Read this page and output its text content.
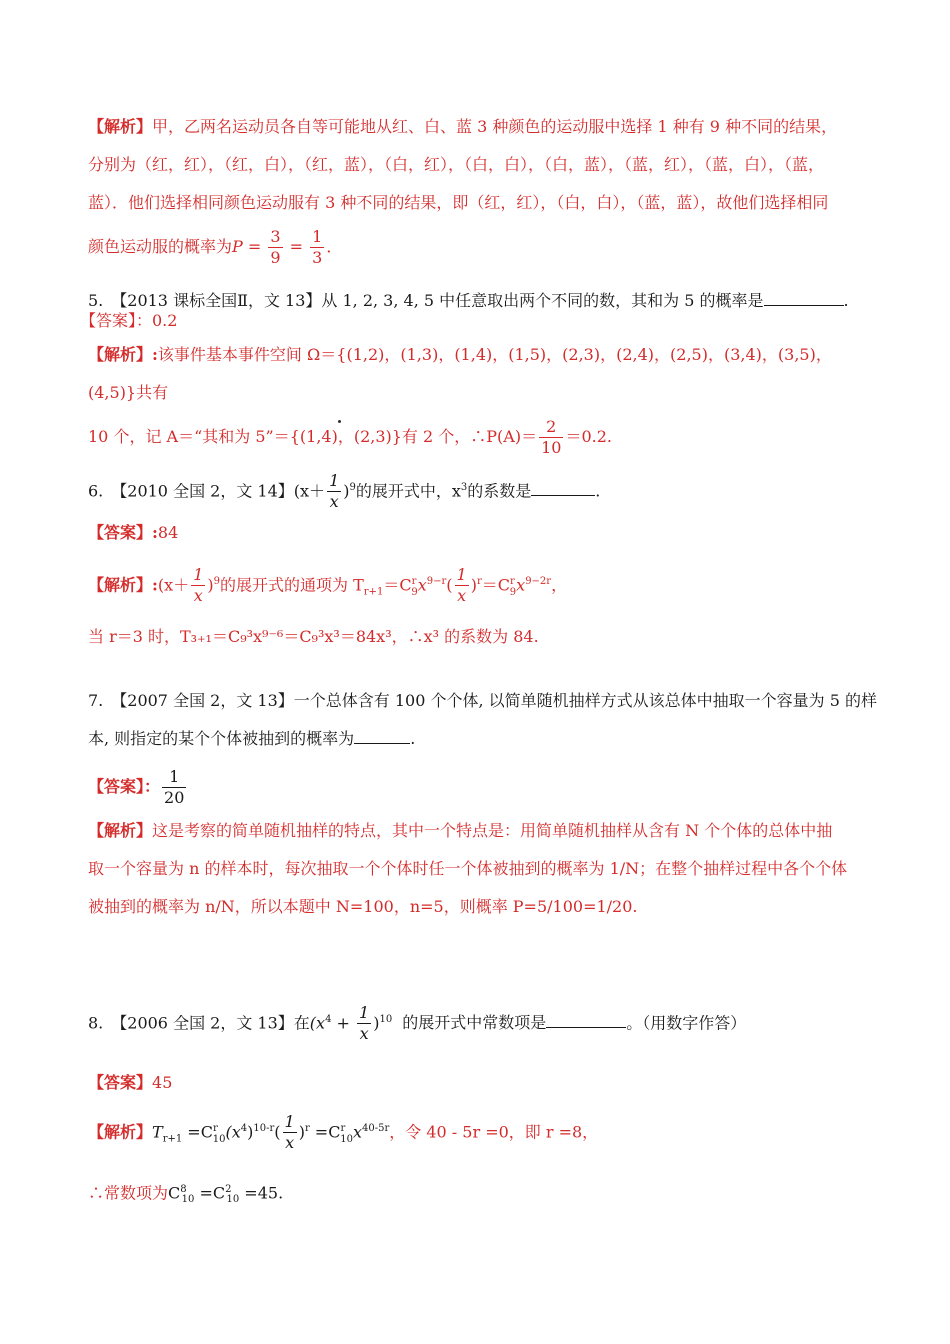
【解析】甲，乙两名运动员各自等可能地从红、白、蓝 3 种颜色的运动服中选择 1 种有 9 种不同的结果，
分别为（红，红），（红，白），（红，蓝），（白，红），（白，白），（白，蓝），（蓝，红），（蓝，白），（蓝，
蓝）．他们选择相同颜色运动服有 3 种不同的结果，即（红，红），（白，白），（蓝，蓝），故他们选择相同
颜色运动服的概率为$P = \frac{3}{9} = \frac{1}{3}$ ．
5.　【2013 课标全国Ⅱ，文 13】从 1, 2, 3, 4, 5 中任意取出两个不同的数，其和为 5 的概率是	.
【答案】：0.2
【解析】:该事件基本事件空间 Ω＝{(1,2)，(1,3)，(1,4)，(1,5)，(2,3)，(2,4)，(2,5)，(3,4)，(3,5)，(4,5)}共有
10 个，记 A＝“其和为 5”＝{(1,4)，(2,3)}有 2 个，∴P(A)＝ $\frac{2}{10} =0.2$.
6.　【2010 全国 2，文 14】$(x+ \frac{1}{x} )^9$的展开式中，$x^3$的系数是	.
【答案】:84
【解析】:(x＋ $\frac{1}{x} )^9$的展开式的通项为 $T_{r+1}=C^r_9x^{9-r}( \frac{1}{x} )^r=C^r_9x^{9-2r}$，
当 r＝3 时，T₃₊₁＝C₉³x⁹⁻⁶＝C₉³x³＝84x³，∴x³ 的系数为 84.
7.　【2007 全国 2，文 13】一个总体含有 100 个个体, 以简单随机抽样方式从该总体中抽取一个容量为 5 的样
本, 则指定的某个个体被抽到的概率为	.
【答案】： $\frac{1}{20}$
【解析】这是考察的简单随机抽样的特点，其中一个特点是：用简单随机抽样从含有 N 个个体的总体中抽
取一个容量为 n 的样本时，每次抽取一个个体时任一个体被抽到的概率为 1/N；在整个抽样过程中各个个体
被抽到的概率为 n/N，所以本题中 N=100，n=5，则概率 P=5/100=1/20.
8.　【2006 全国 2，文 13】在$(x^4 + \frac{1}{x} )^{10}$ 的展开式中常数项是	。（用数字作答）
【答案】45
【解析】$T_{r+1} =C^r_{10}(x^4)^{10-r}( \frac{1}{x} )^r =C^r_{10}x^{40-5r}$，令 40 - 5r =0，即 r =8，
∴常数项为$C^8_{10} =C^2_{10} =45$.
